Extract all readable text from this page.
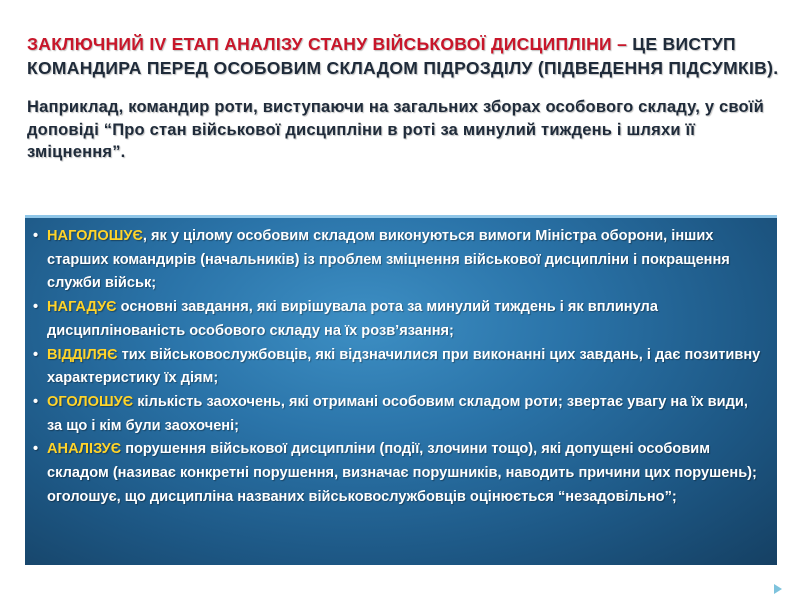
ЗАКЛЮЧНИЙ IV ЕТАП АНАЛІЗУ СТАНУ ВІЙСЬКОВОЇ ДИСЦИПЛІНИ – ЦЕ ВИСТУП КОМАНДИРА ПЕРЕД ОСОБОВИМ СКЛАДОМ ПІДРОЗДІЛУ (ПІДВЕДЕННЯ ПІДСУМКІВ).

Наприклад, командир роти, виступаючи на загальних зборах особового складу, у своїй доповіді “Про стан військової дисципліни в роті за минулий тиждень і шляхи її зміцнення”.

• НАГОЛОШУЄ, як у цілому особовим складом виконуються вимоги Міністра оборони, інших старших командирів (начальників) із проблем зміцнення військової дисципліни і покращення служби військ;
• НАГАДУЄ основні завдання, які вирішувала рота за минулий тиждень і як вплинула дисциплінованість особового складу на їх розв’язання;
• ВІДДІЛЯЄ тих військовослужбовців, які відзначилися при виконанні цих завдань, і дає позитивну характеристику їх діям;
• ОГОЛОШУЄ кількість заохочень, які отримані особовим складом роти; звертає увагу на їх види, за що і кім були заохочені;
• АНАЛІЗУЄ порушення військової дисципліни (події, злочини тощо), які допущені особовим складом (називає конкретні порушення, визначає порушників, наводить причини цих порушень); оголошує, що дисципліна названих військовослужбовців оцінюється “незадовільно”;
